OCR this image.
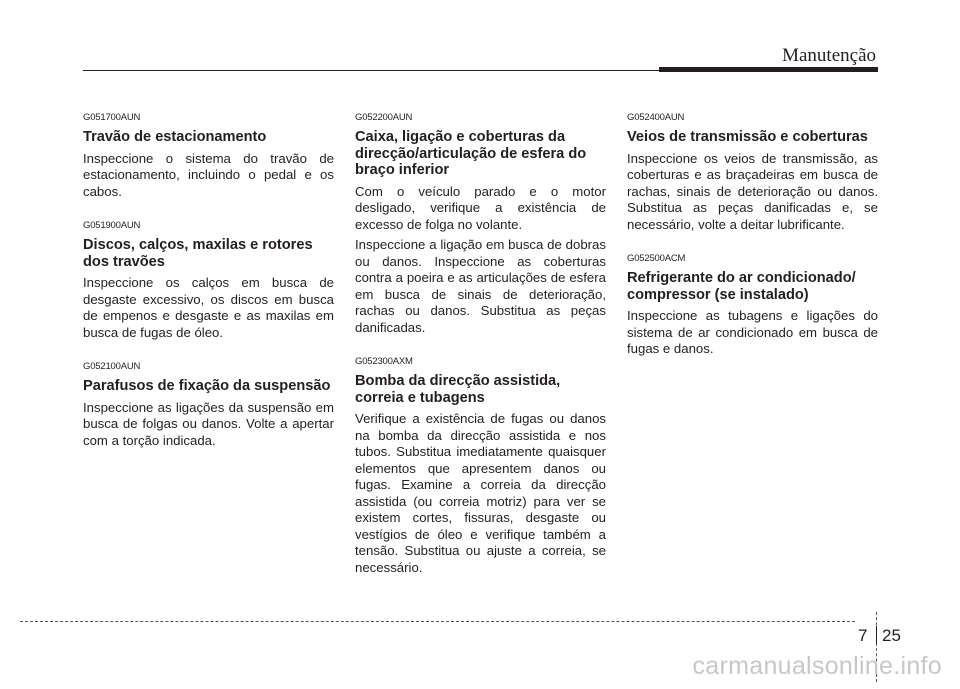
Manutenção
G051700AUN
Travão de estacionamento
Inspeccione o sistema do travão de estacionamento, incluindo o pedal e os cabos.
G051900AUN
Discos, calços, maxilas e rotores dos travões
Inspeccione os calços em busca de desgaste excessivo, os discos em busca de empenos e desgaste e as maxilas em busca de fugas de óleo.
G052100AUN
Parafusos de fixação da suspensão
Inspeccione as ligações da suspensão em busca de folgas ou danos. Volte a apertar com a torção indicada.
G052200AUN
Caixa, ligação e coberturas da direcção/articulação de esfera do braço inferior
Com o veículo parado e o motor desligado, verifique a existência de excesso de folga no volante.
Inspeccione a ligação em busca de dobras ou danos. Inspeccione as coberturas contra a poeira e as articulações de esfera em busca de sinais de deterioração, rachas ou danos. Substitua as peças danificadas.
G052300AXM
Bomba da direcção assistida, correia e tubagens
Verifique a existência de fugas ou danos na bomba da direcção assistida e nos tubos. Substitua imediatamente quaisquer elementos que apresentem danos ou fugas. Examine a correia da direcção assistida (ou correia motriz) para ver se existem cortes, fissuras, desgaste ou vestígios de óleo e verifique também a tensão. Substitua ou ajuste a correia, se necessário.
G052400AUN
Veios de transmissão e coberturas
Inspeccione os veios de transmissão, as coberturas e as braçadeiras em busca de rachas, sinais de deterioração ou danos. Substitua as peças danificadas e, se necessário, volte a deitar lubrificante.
G052500ACM
Refrigerante do ar condicionado/ compressor (se instalado)
Inspeccione as tubagens e ligações do sistema de ar condicionado em busca de fugas e danos.
7 25
carmanualsonline.info
